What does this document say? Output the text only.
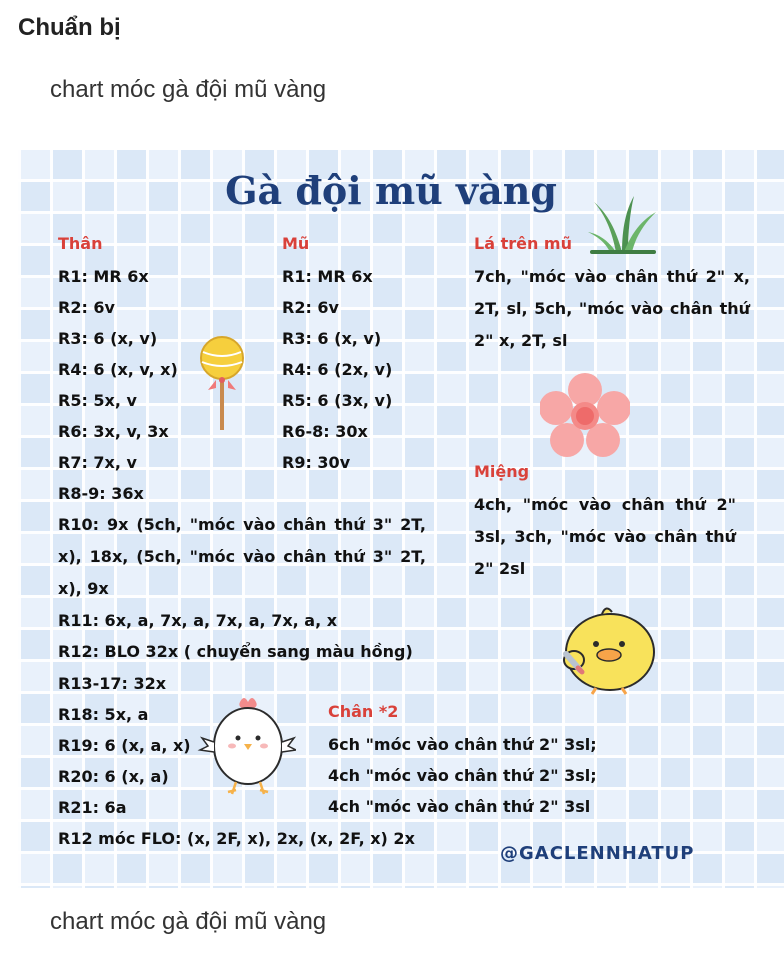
Chuẩn bị
chart móc gà đội mũ vàng
Gà đội mũ vàng
Thân
R1: MR 6x
R2: 6v
R3: 6 (x, v)
R4: 6 (x, v, x)
R5: 5x, v
R6: 3x, v, 3x
R7: 7x, v
R8-9: 36x
R10: 9x (5ch, "móc vào chân thứ 3" 2T, x), 18x, (5ch, "móc vào chân thứ 3" 2T, x), 9x
R11: 6x, a, 7x, a, 7x, a, 7x, a, x
R12: BLO 32x ( chuyển sang màu hồng)
R13-17: 32x
R18: 5x, a
R19: 6 (x, a, x)
R20: 6 (x, a)
R21: 6a
R12 móc FLO: (x, 2F, x), 2x, (x, 2F, x) 2x
Mũ
R1: MR 6x
R2: 6v
R3: 6 (x, v)
R4: 6 (2x, v)
R5: 6 (3x, v)
R6-8: 30x
R9: 30v
Lá trên mũ
7ch, "móc vào chân thứ 2" x, 2T, sl, 5ch, "móc vào chân thứ 2" x, 2T, sl
Miệng
4ch, "móc vào chân thứ 2" 3sl, 3ch, "móc vào chân thứ 2" 2sl
Chân *2
6ch "móc vào chân thứ 2" 3sl;
4ch "móc vào chân thứ 2" 3sl;
4ch "móc vào chân thứ 2" 3sl
@GACLENNHATUP
chart móc gà đội mũ vàng
